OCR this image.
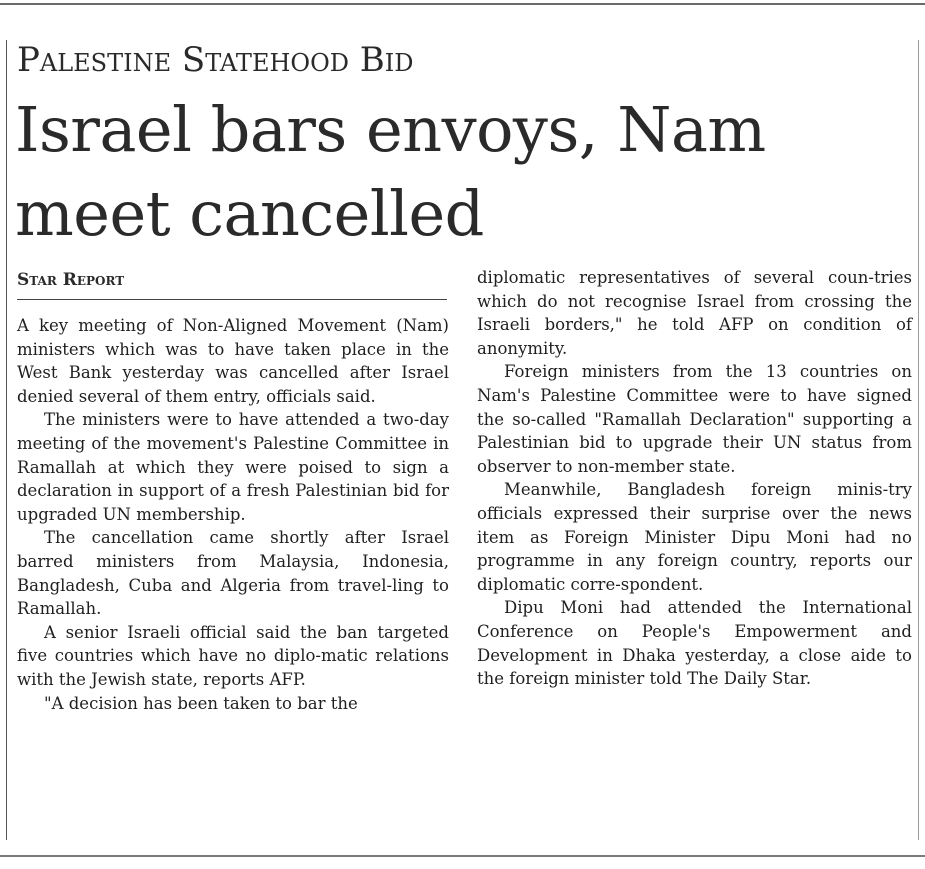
Palestine Statehood Bid
Israel bars envoys, Nam meet cancelled
Star Report

A key meeting of Non-Aligned Movement (Nam) ministers which was to have taken place in the West Bank yesterday was cancelled after Israel denied several of them entry, officials said.

The ministers were to have attended a two-day meeting of the movement's Palestine Committee in Ramallah at which they were poised to sign a declaration in support of a fresh Palestinian bid for upgraded UN membership.

The cancellation came shortly after Israel barred ministers from Malaysia, Indonesia, Bangladesh, Cuba and Algeria from travel-ling to Ramallah.

A senior Israeli official said the ban targeted five countries which have no diplo-matic relations with the Jewish state, reports AFP.

"A decision has been taken to bar the

diplomatic representatives of several coun-tries which do not recognise Israel from crossing the Israeli borders," he told AFP on condition of anonymity.

Foreign ministers from the 13 countries on Nam's Palestine Committee were to have signed the so-called "Ramallah Declaration" supporting a Palestinian bid to upgrade their UN status from observer to non-member state.

Meanwhile, Bangladesh foreign minis-try officials expressed their surprise over the news item as Foreign Minister Dipu Moni had no programme in any foreign country, reports our diplomatic corre-spondent.

Dipu Moni had attended the International Conference on People's Empowerment and Development in Dhaka yesterday, a close aide to the foreign minister told The Daily Star.
